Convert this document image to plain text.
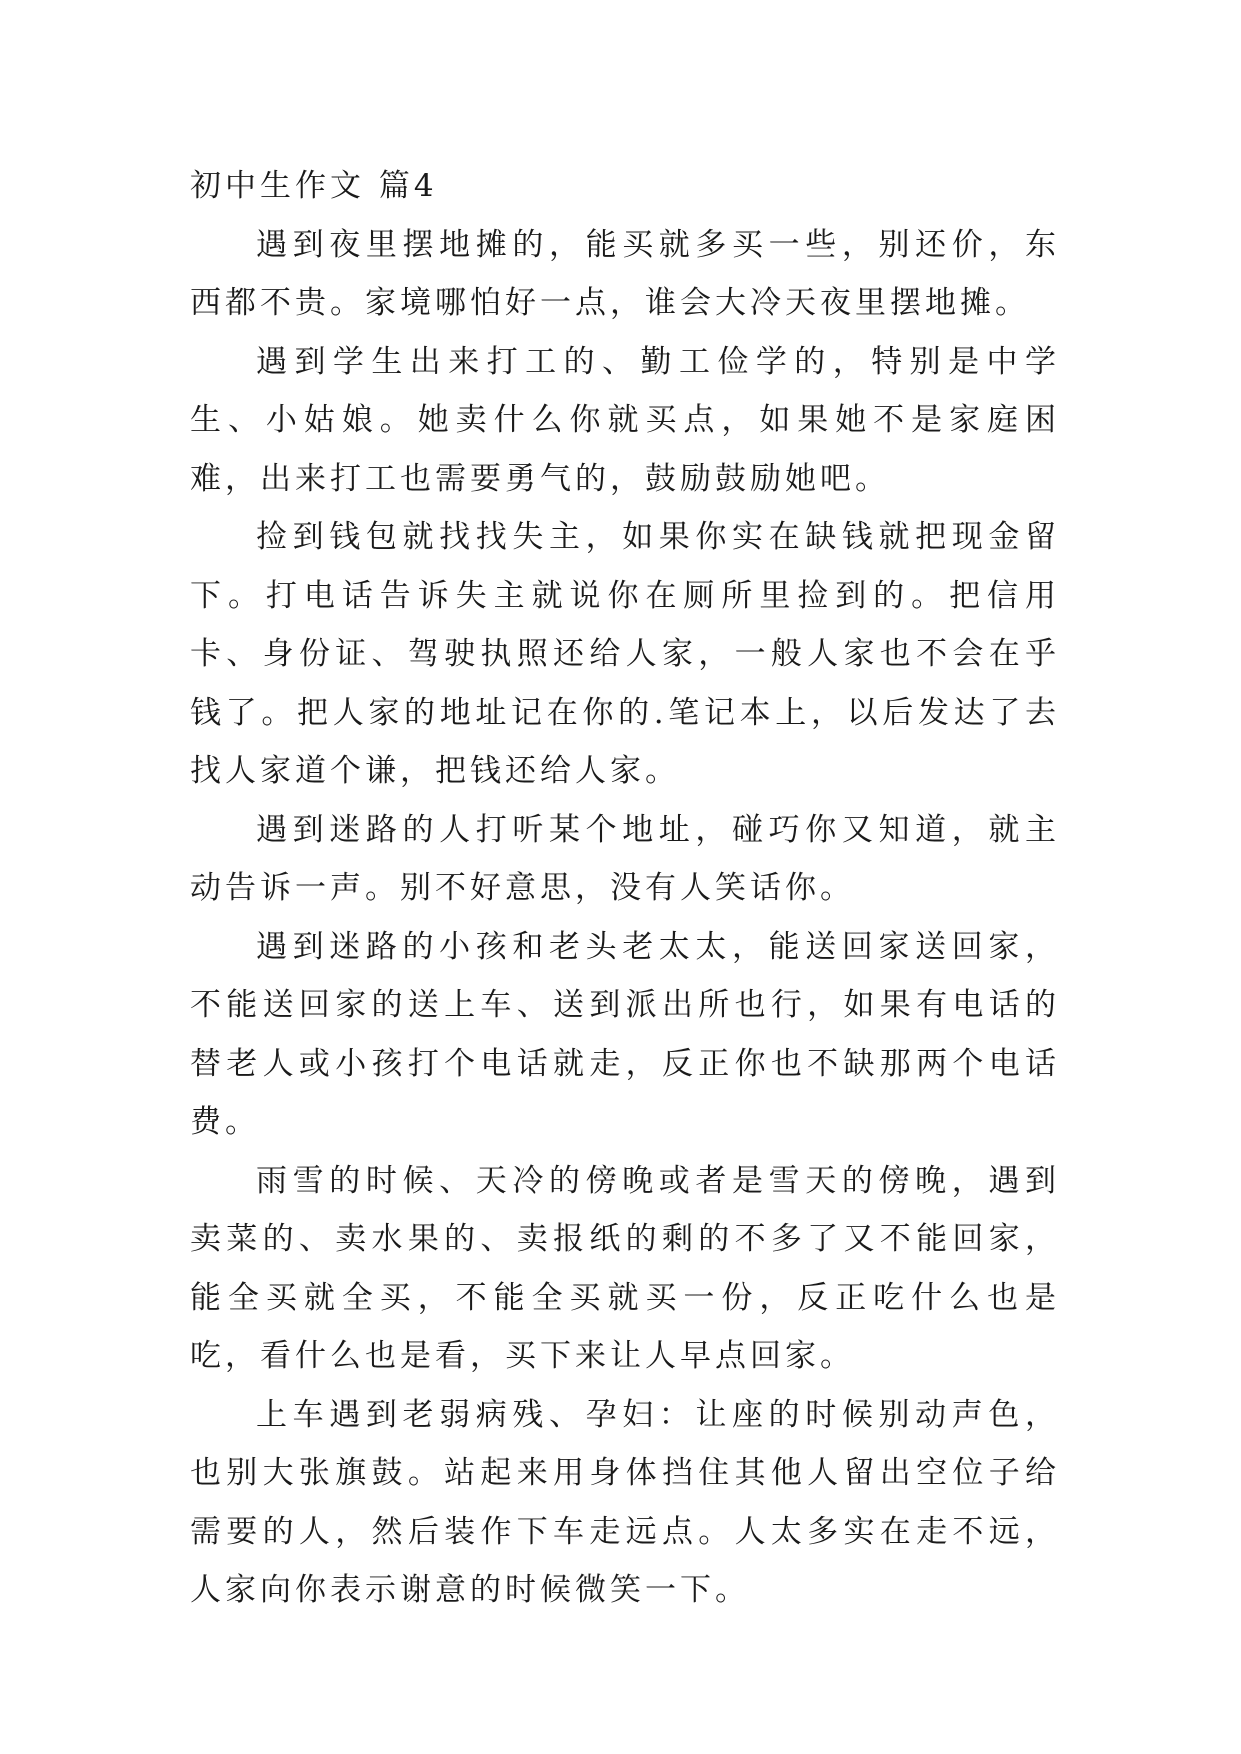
初中生作文 篇4

遇到夜里摆地摊的，能买就多买一些，别还价，东西都不贵。家境哪怕好一点，谁会大冷天夜里摆地摊。

遇到学生出来打工的、勤工俭学的，特别是中学生、小姑娘。她卖什么你就买点，如果她不是家庭困难，出来打工也需要勇气的，鼓励鼓励她吧。

捡到钱包就找找失主，如果你实在缺钱就把现金留下。打电话告诉失主就说你在厕所里捡到的。把信用卡、身份证、驾驶执照还给人家，一般人家也不会在乎钱了。把人家的地址记在你的.笔记本上，以后发达了去找人家道个谦，把钱还给人家。

遇到迷路的人打听某个地址，碰巧你又知道，就主动告诉一声。别不好意思，没有人笑话你。

遇到迷路的小孩和老头老太太，能送回家送回家，不能送回家的送上车、送到派出所也行，如果有电话的替老人或小孩打个电话就走，反正你也不缺那两个电话费。

雨雪的时候、天冷的傍晚或者是雪天的傍晚，遇到卖菜的、卖水果的、卖报纸的剩的不多了又不能回家，能全买就全买，不能全买就买一份，反正吃什么也是吃，看什么也是看，买下来让人早点回家。

上车遇到老弱病残、孕妇：让座的时候别动声色，也别大张旗鼓。站起来用身体挡住其他人留出空位子给需要的人，然后装作下车走远点。人太多实在走不远，人家向你表示谢意的时候微笑一下。
